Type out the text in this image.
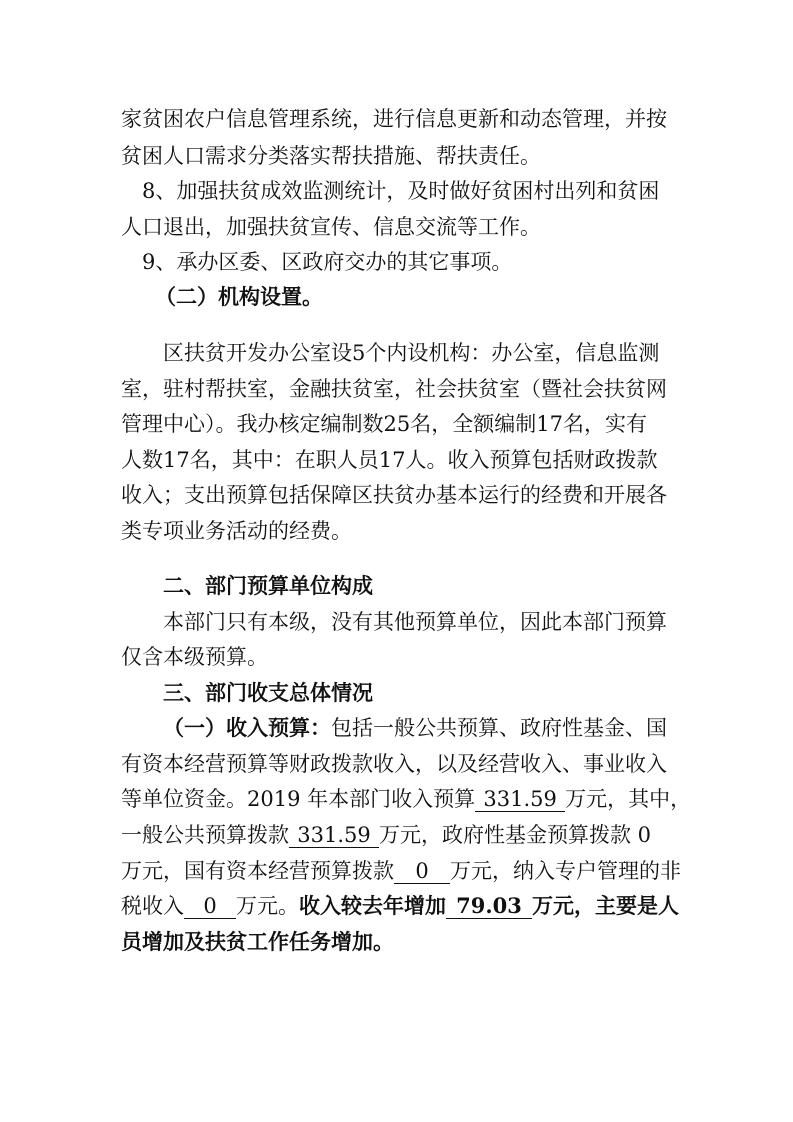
家贫困农户信息管理系统，进行信息更新和动态管理，并按
贫困人口需求分类落实帮扶措施、帮扶责任。
8、加强扶贫成效监测统计，及时做好贫困村出列和贫困
人口退出，加强扶贫宣传、信息交流等工作。
9、承办区委、区政府交办的其它事项。
（二）机构设置。
区扶贫开发办公室设5个内设机构：办公室，信息监测
室，驻村帮扶室，金融扶贫室，社会扶贫室（暨社会扶贫网
管理中心）。我办核定编制数25名，全额编制17名，实有
人数17名，其中：在职人员17人。收入预算包括财政拨款
收入；支出预算包括保障区扶贫办基本运行的经费和开展各
类专项业务活动的经费。
二、部门预算单位构成
本部门只有本级，没有其他预算单位，因此本部门预算
仅含本级预算。
三、部门收支总体情况
（一）收入预算：包括一般公共预算、政府性基金、国
有资本经营预算等财政拨款收入，以及经营收入、事业收入
等单位资金。2019 年本部门收入预算 331.59 万元，其中，
一般公共预算拨款 331.59 万元，政府性基金预算拨款 0
万元，国有资本经营预算拨款 0 万元，纳入专户管理的非
税收入 0 万元。收入较去年增加 79.03 万元，主要是人
员增加及扶贫工作任务增加。
